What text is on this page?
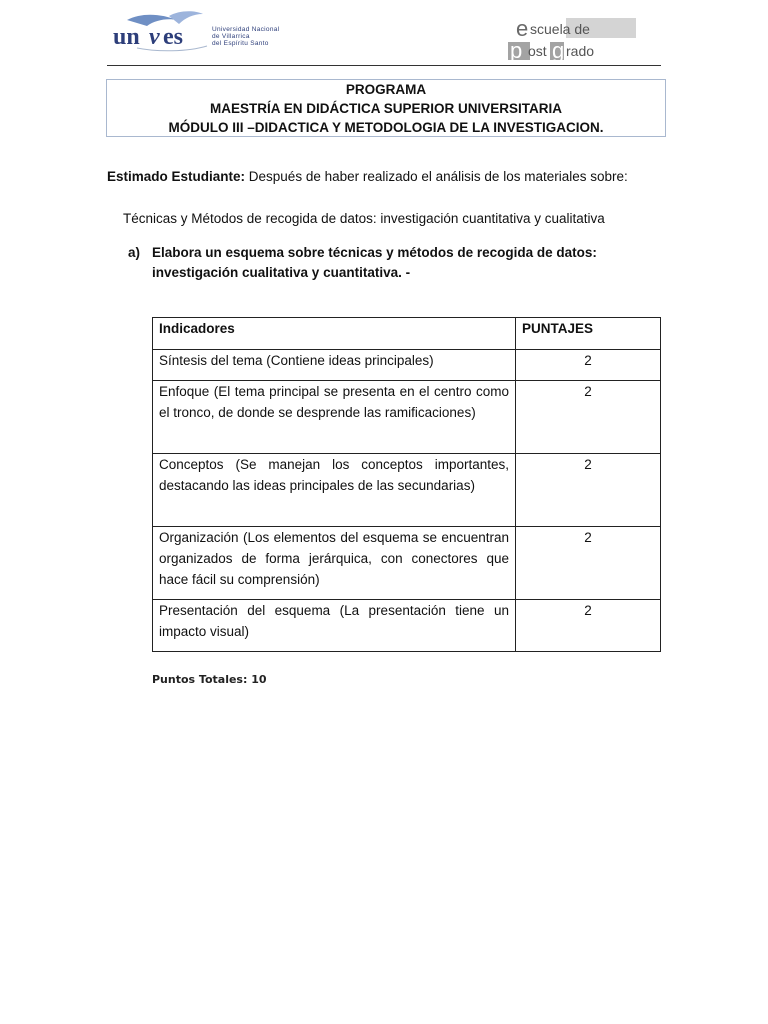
un v es	Universidad Nacional
de Villarrica
del Espíritu Santo
e scuela de
p ost g rado
PROGRAMA
MAESTRÍA EN DIDÁCTICA SUPERIOR UNIVERSITARIA
MÓDULO III –DIDACTICA Y METODOLOGIA DE LA INVESTIGACION.
Estimado Estudiante: Después de haber realizado el análisis de los materiales sobre:
Técnicas y Métodos de recogida de datos: investigación cuantitativa y cualitativa
a) Elabora un esquema sobre técnicas y métodos de recogida de datos: investigación cualitativa y cuantitativa. -
Indicadores	PUNTAJES
Síntesis del tema (Contiene ideas principales)	2
Enfoque (El tema principal se presenta en el centro como el tronco, de donde se desprende las ramificaciones)	2
Conceptos (Se manejan los conceptos importantes, destacando las ideas principales de las secundarias)	2
Organización (Los elementos del esquema se encuentran organizados de forma jerárquica, con conectores que hace fácil su comprensión)	2
Presentación del esquema (La presentación tiene un impacto visual)	2
Puntos Totales: 10
